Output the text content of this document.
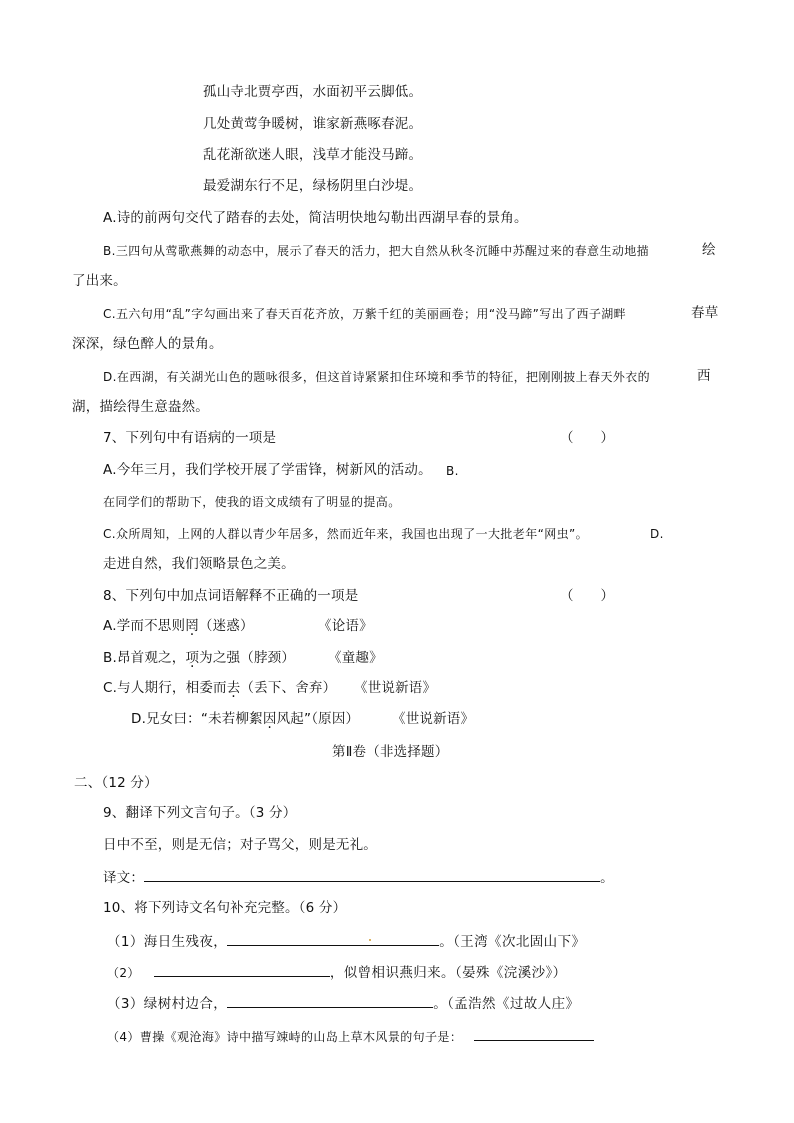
孤山寺北贾亭西，水面初平云脚低。
几处黄莺争暖树，谁家新燕啄春泥。
乱花渐欲迷人眼，浅草才能没马蹄。
最爱湖东行不足，绿杨阴里白沙堤。
A.诗的前两句交代了踏春的去处，简洁明快地勾勒出西湖早春的景角。
B.三四句从莺歌燕舞的动态中，展示了春天的活力，把大自然从秋冬沉睡中苏醒过来的春意生动地描	绘
了出来。
C.五六句用“乱”字勾画出来了春天百花齐放，万紫千红的美丽画卷；用“没马蹄”写出了西子湖畔	春草
深深，绿色醉人的景角。
D.在西湖，有关湖光山色的题咏很多，但这首诗紧紧扣住环境和季节的特征，把刚刚披上春天外衣的	西
湖，描绘得生意盎然。
7、下列句中有语病的一项是	（　　）
A.今年三月，我们学校开展了学雷锋，树新风的活动。 B.
在同学们的帮助下，使我的语文成绩有了明显的提高。
C.众所周知，上网的人群以青少年居多，然而近年来，我国也出现了一大批老年“网虫”。	D.
走进自然，我们领略景色之美。
8、下列句中加点词语解释不正确的一项是	（　　）
A.学而不思则罔（迷惑）	《论语》
B.昂首观之，项为之强（脖颈） 《童趣》
C.与人期行，相委而去（丢下、舍弃） 《世说新语》
D.兄女曰：“未若柳絮因风起”（原因） 《世说新语》
第Ⅱ卷（非选择题）
二、（12 分）
9、翻译下列文言句子。（3 分）
日中不至，则是无信；对子骂父，则是无礼。
译文：	。
10、将下列诗文名句补充完整。（6 分）
（1）海日生残夜，	。（王湾《次北固山下》
（2）	，似曾相识燕归来。（晏殊《浣溪沙》）
（3）绿树村边合，	。（孟浩然《过故人庄》
（4）曹操《观沧海》诗中描写竦峙的山岛上草木风景的句子是：
